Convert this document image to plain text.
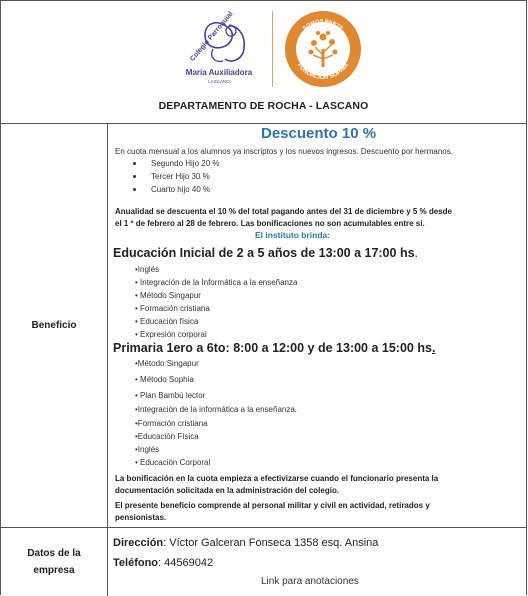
Colegio Parroquial
María Auxiliadora
LASCANO
SOMOS PARTE
FUNDACIÓN SOPHIA
DEPARTAMENTO DE ROCHA - LASCANO
Beneficio
Descuento 10 %
En cuota mensual a los alumnos ya inscriptos y los nuevos ingresos. Descuento por hermanos.
Segundo Hijo 20 %
Tercer Hijo 30 %
Cuarto hijo 40 %
Anualidad se descuenta el 10 % del total pagando antes del 31 de diciembre y 5 % desde
el 1 º de febrero al 28 de febrero. Las bonificaciones no son acumulables entre sí.
El instituto brinda:
Educación Inicial de 2 a 5 años de 13:00 a 17:00 hs.
•Inglés
• Integración de la Informática a la enseñanza
• Método Singapur
• Formación cristiana
• Educación física
• Expresión corporal
Primaria 1ero a 6to: 8:00 a 12:00 y de 13:00 a 15:00 hs.
•Método Singapur
• Método Sophia
• Plan Bambú lector
•Integración de la informática a la enseñanza.
•Formación cristiana
•Educación Física
•Inglés
• Educación Corporal
La bonificación en la cuota empieza a efectivizarse cuando el funcionario presenta la
documentación solicitada en la administración del colegio.
El presente beneficio comprende al personal militar y civil en actividad, retirados y
pensionistas.
Datos de la
empresa
Dirección: Víctor Galceran Fonseca 1358 esq. Ansina
Teléfono: 44569042
Link para anotaciones
